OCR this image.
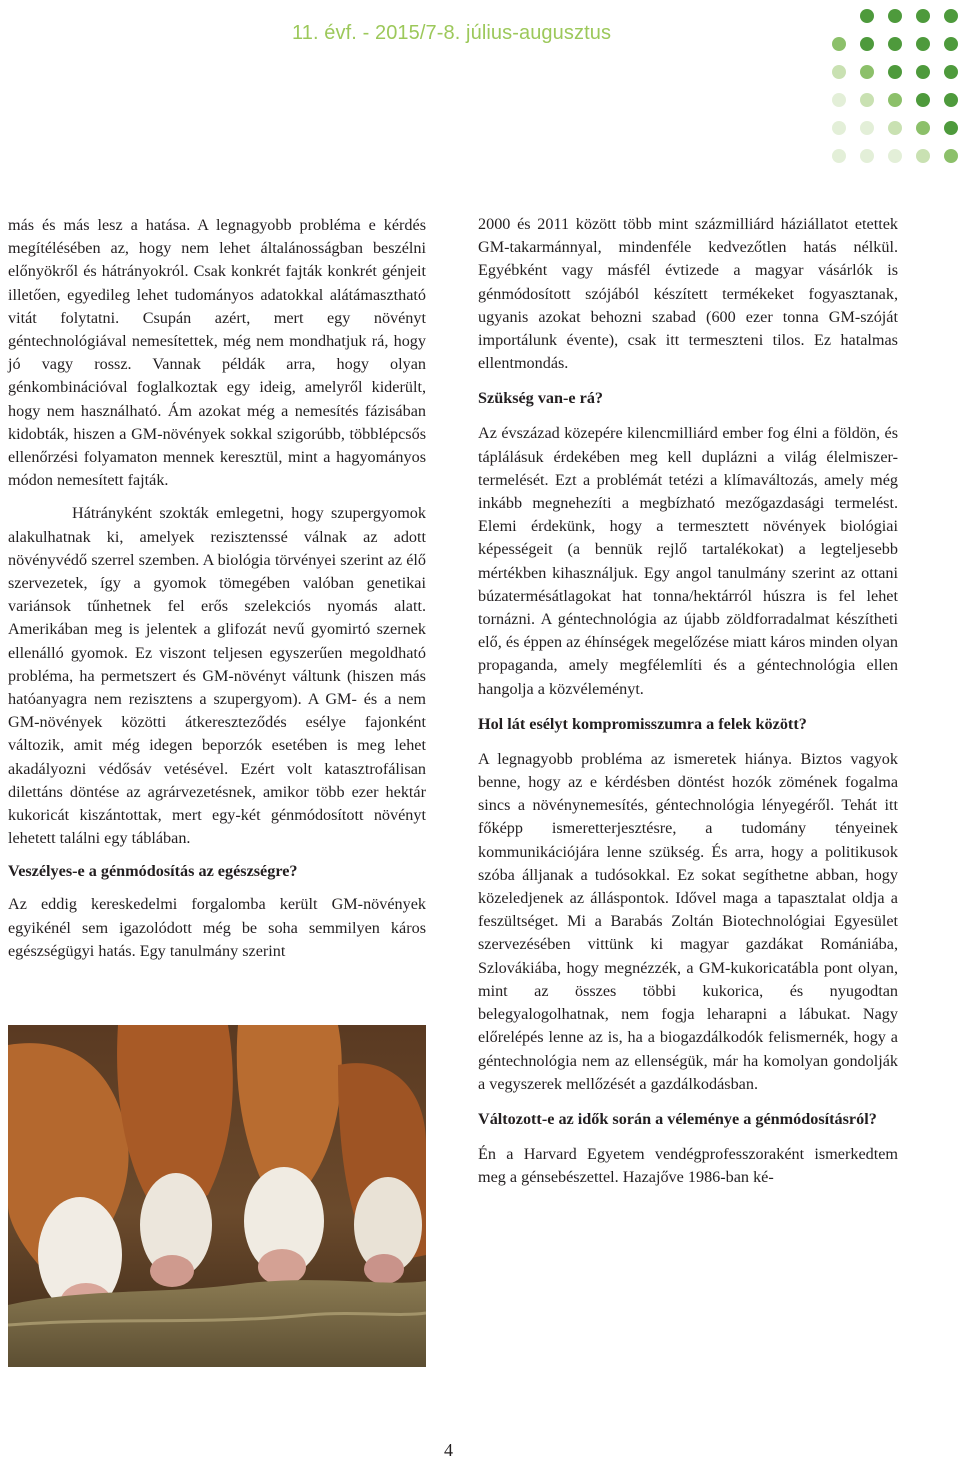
11. évf. - 2015/7-8. július-augusztus

más és más lesz a hatása. A legnagyobb probléma e kérdés megítélésében az, hogy nem lehet általánosságban beszélni előnyökről és hátrányokról. Csak konkrét fajták konkrét génjeit illetően, egyedileg lehet tudományos adatokkal alátámasztható vitát folytatni. Csupán azért, mert egy növényt géntechnológiával nemesítettek, még nem mondhatjuk rá, hogy jó vagy rossz. Vannak példák arra, hogy olyan génkombinációval foglalkoztak egy ideig, amelyről kiderült, hogy nem használható. Ám azokat még a nemesítés fázisában kidobták, hiszen a GM-növények sokkal szigorúbb, többlépcsős ellenőrzési folyamaton mennek keresztül, mint a hagyományos módon nemesített fajták.

Hátrányként szokták emlegetni, hogy szupergyomok alakulhatnak ki, amelyek rezisztenssé válnak az adott növényvédő szerrel szemben. A biológia törvényei szerint az élő szervezetek, így a gyomok tömegében valóban genetikai variánsok tűnhetnek fel erős szelekciós nyomás alatt. Amerikában meg is jelentek a glifozát nevű gyomirtó szernek ellenálló gyomok. Ez viszont teljesen egyszerűen megoldható probléma, ha permetszert és GM-növényt váltunk (hiszen más hatóanyagra nem rezisztens a szupergyom). A GM- és a nem GM-növények közötti átkereszteződés esélye fajonként változik, amit még idegen beporzók esetében is meg lehet akadályozni védősáv vetésével. Ezért volt katasztrofálisan dilettáns döntése az agrárvezetésnek, amikor több ezer hektár kukoricát kiszántottak, mert egy-két génmódosított növényt lehetett találni egy táblában.

Veszélyes-e a génmódosítás az egészségre?

Az eddig kereskedelmi forgalomba került GM-növények egyikénél sem igazolódott még be soha semmilyen káros egészségügyi hatás. Egy tanulmány szerint

2000 és 2011 között több mint százmilliárd háziállatot etettek GM-takarmánnyal, mindenféle kedvezőtlen hatás nélkül. Egyébként vagy másfél évtizede a magyar vásárlók is génmódosított szójából készített termékeket fogyasztanak, ugyanis azokat behozni szabad (600 ezer tonna GM-szóját importálunk évente), csak itt termeszteni tilos. Ez hatalmas ellentmondás.

Szükség van-e rá?

Az évszázad közepére kilencmilliárd ember fog élni a földön, és táplálásuk érdekében meg kell duplázni a világ élelmiszer-termelését. Ezt a problémát tetézi a klímaváltozás, amely még inkább megnehezíti a megbízható mezőgazdasági termelést. Elemi érdekünk, hogy a termesztett növények biológiai képességeit (a bennük rejlő tartalékokat) a legteljesebb mértékben kihasználjuk. Egy angol tanulmány szerint az ottani búzatermésátlagokat hat tonna/hektárról húszra is fel lehet tornázni. A géntechnológia az újabb zöldforradalmat készítheti elő, és éppen az éhínségek megelőzése miatt káros minden olyan propaganda, amely megfélemlíti és a géntechnológia ellen hangolja a közvéleményt.

Hol lát esélyt kompromisszumra a felek között?

A legnagyobb probléma az ismeretek hiánya. Biztos vagyok benne, hogy az e kérdésben döntést hozók zömének fogalma sincs a növénynemesítés, géntechnológia lényegéről. Tehát itt főképp ismeretterjesztésre, a tudomány tényeinek kommunikációjára lenne szükség. És arra, hogy a politikusok szóba álljanak a tudósokkal. Ez sokat segíthetne abban, hogy közeledjenek az álláspontok. Idővel maga a tapasztalat oldja a feszültséget. Mi a Barabás Zoltán Biotechnológiai Egyesület szervezésében vittünk ki magyar gazdákat Romániába, Szlovákiába, hogy megnézzék, a GM-kukoricatábla pont olyan, mint az összes többi kukorica, és nyugodtan belegyalogolhatnak, nem fogja leharapni a lábukat. Nagy előrelépés lenne az is, ha a biogazdálkodók felismernék, hogy a géntechnológia nem az ellenségük, már ha komolyan gondolják a vegyszerek mellőzését a gazdálkodásban.

Változott-e az idők során a véleménye a génmódosításról?

Én a Harvard Egyetem vendégprofesszoraként ismerkedtem meg a génsebészettel. Hazajőve 1986-ban ké-

4
